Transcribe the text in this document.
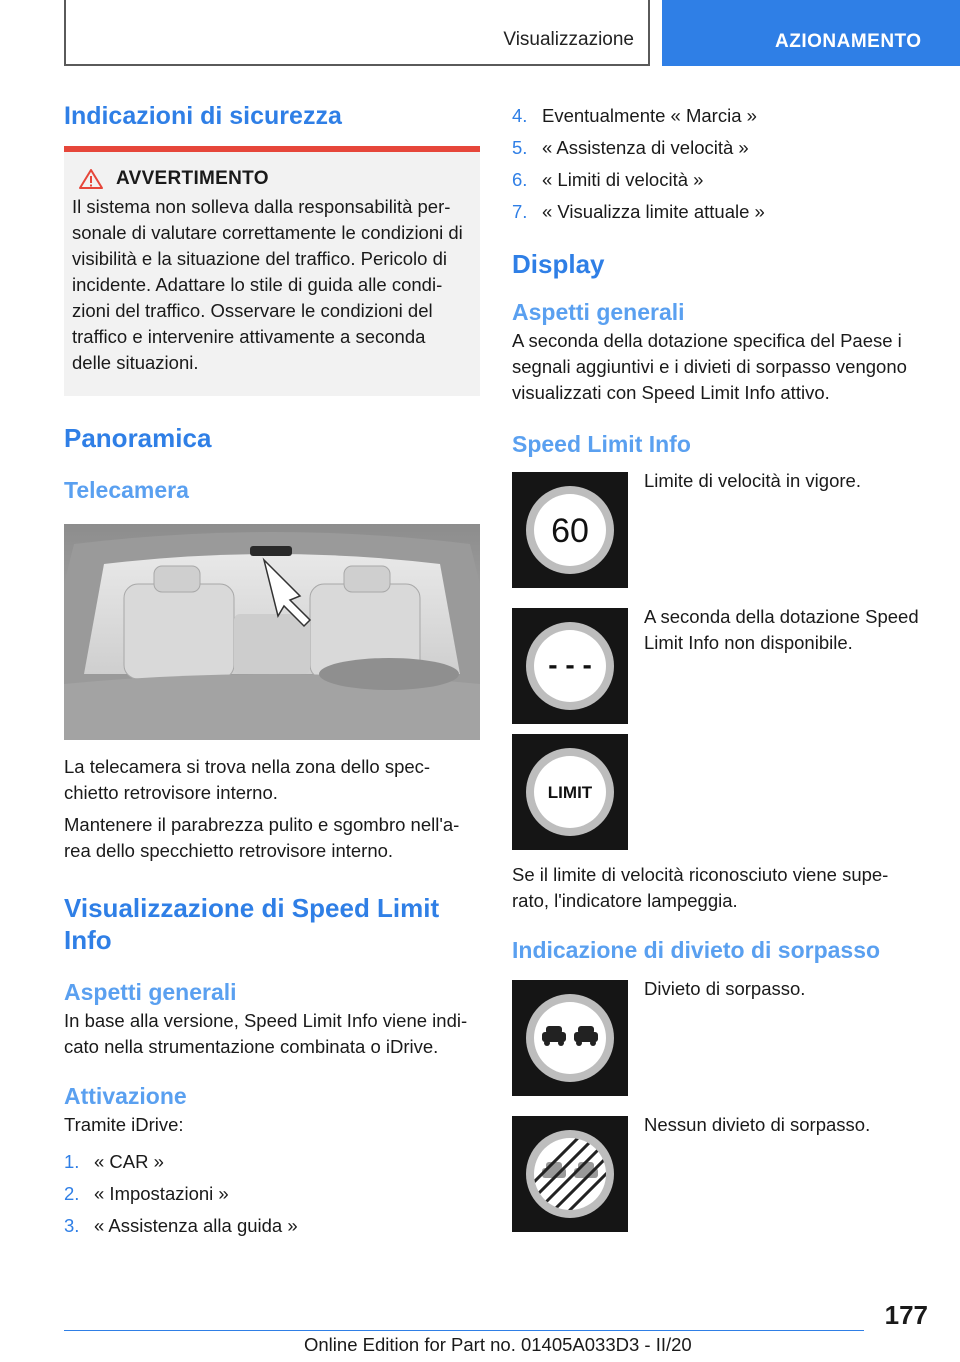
Visualizzazione	AZIONAMENTO
Indicazioni di sicurezza
AVVERTIMENTO
Il sistema non solleva dalla responsabilità per-
sonale di valutare correttamente le condizioni di
visibilità e la situazione del traffico. Pericolo di
incidente. Adattare lo stile di guida alle condi-
zioni del traffico. Osservare le condizioni del
traffico e intervenire attivamente a seconda
delle situazioni.
Panoramica
Telecamera

La telecamera si trova nella zona dello spec-
chietto retrovisore interno.

Mantenere il parabrezza pulito e sgombro nell'a-
rea dello specchietto retrovisore interno.

Visualizzazione di Speed Limit
Info
Aspetti generali

In base alla versione, Speed Limit Info viene indi-
cato nella strumentazione combinata o iDrive.

Attivazione

Tramite iDrive:

1. « CAR »
2. « Impostazioni »
3. « Assistenza alla guida »
4. Eventualmente « Marcia »
5. « Assistenza di velocità »
6. « Limiti di velocità »
7. « Visualizza limite attuale »
Display
Aspetti generali

A seconda della dotazione specifica del Paese i
segnali aggiuntivi e i divieti di sorpasso vengono
visualizzati con Speed Limit Info attivo.

Speed Limit Info
60
Limite di velocità in vigore.
- - -
A seconda della dotazione Speed
Limit Info non disponibile.
LIMIT

Se il limite di velocità riconosciuto viene supe-
rato, l'indicatore lampeggia.

Indicazione di divieto di sorpasso
Divieto di sorpasso.
Nessun divieto di sorpasso.
177
Online Edition for Part no. 01405A033D3 - II/20
